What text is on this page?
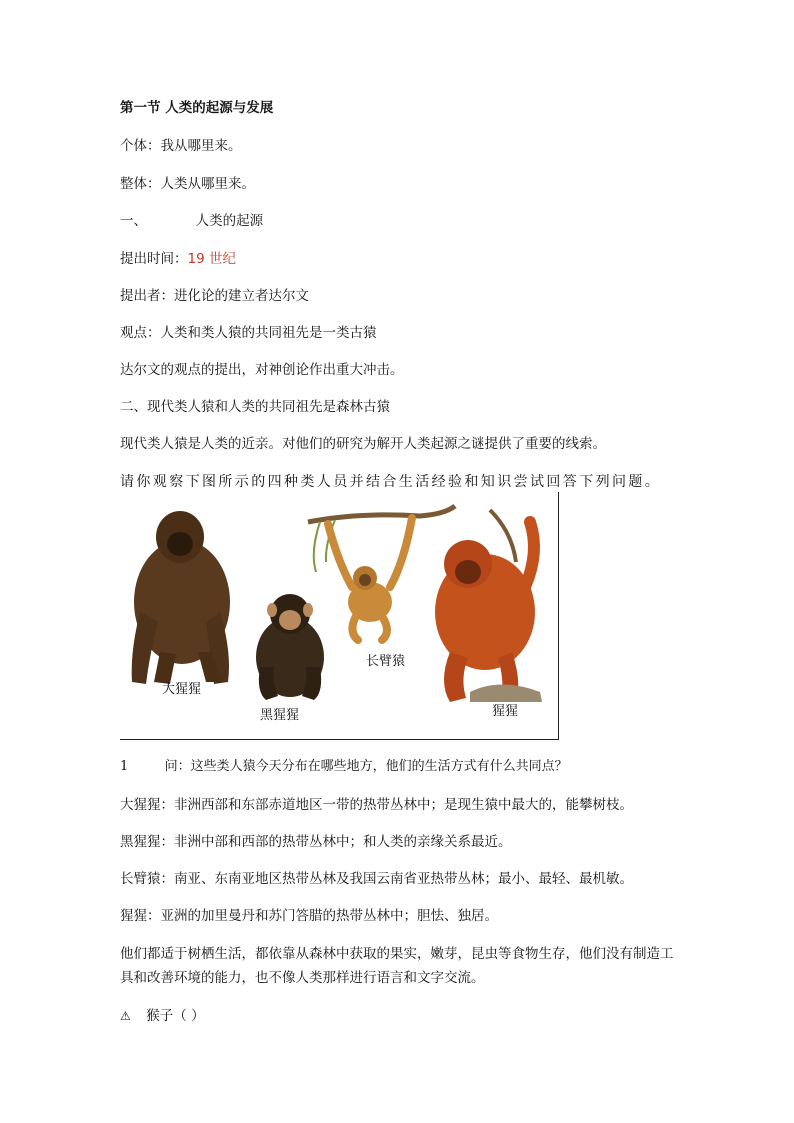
第一节 人类的起源与发展
个体：我从哪里来。
整体：人类从哪里来。
一、	人类的起源
提出时间：19 世纪
提出者：进化论的建立者达尔文
观点：人类和类人猿的共同祖先是一类古猿
达尔文的观点的提出，对神创论作出重大冲击。
二、现代类人猿和人类的共同祖先是森林古猿
现代类人猿是人类的近亲。对他们的研究为解开人类起源之谜提供了重要的线索。
请你观察下图所示的四种类人员并结合生活经验和知识尝试回答下列问题。
大猩猩
黑猩猩
长臂猿
猩猩
1	问：这些类人猿今天分布在哪些地方，他们的生活方式有什么共同点？
大猩猩：非洲西部和东部赤道地区一带的热带丛林中；是现生猿中最大的，能攀树枝。
黑猩猩：非洲中部和西部的热带丛林中；和人类的亲缘关系最近。
长臂猿：南亚、东南亚地区热带丛林及我国云南省亚热带丛林；最小、最轻、最机敏。
猩猩：亚洲的加里曼丹和苏门答腊的热带丛林中；胆怯、独居。
他们都适于树栖生活，都依靠从森林中获取的果实，嫩芽，昆虫等食物生存，他们没有制造工具和改善环境的能力，也不像人类那样进行语言和文字交流。
⚠ 猴子（ ）
